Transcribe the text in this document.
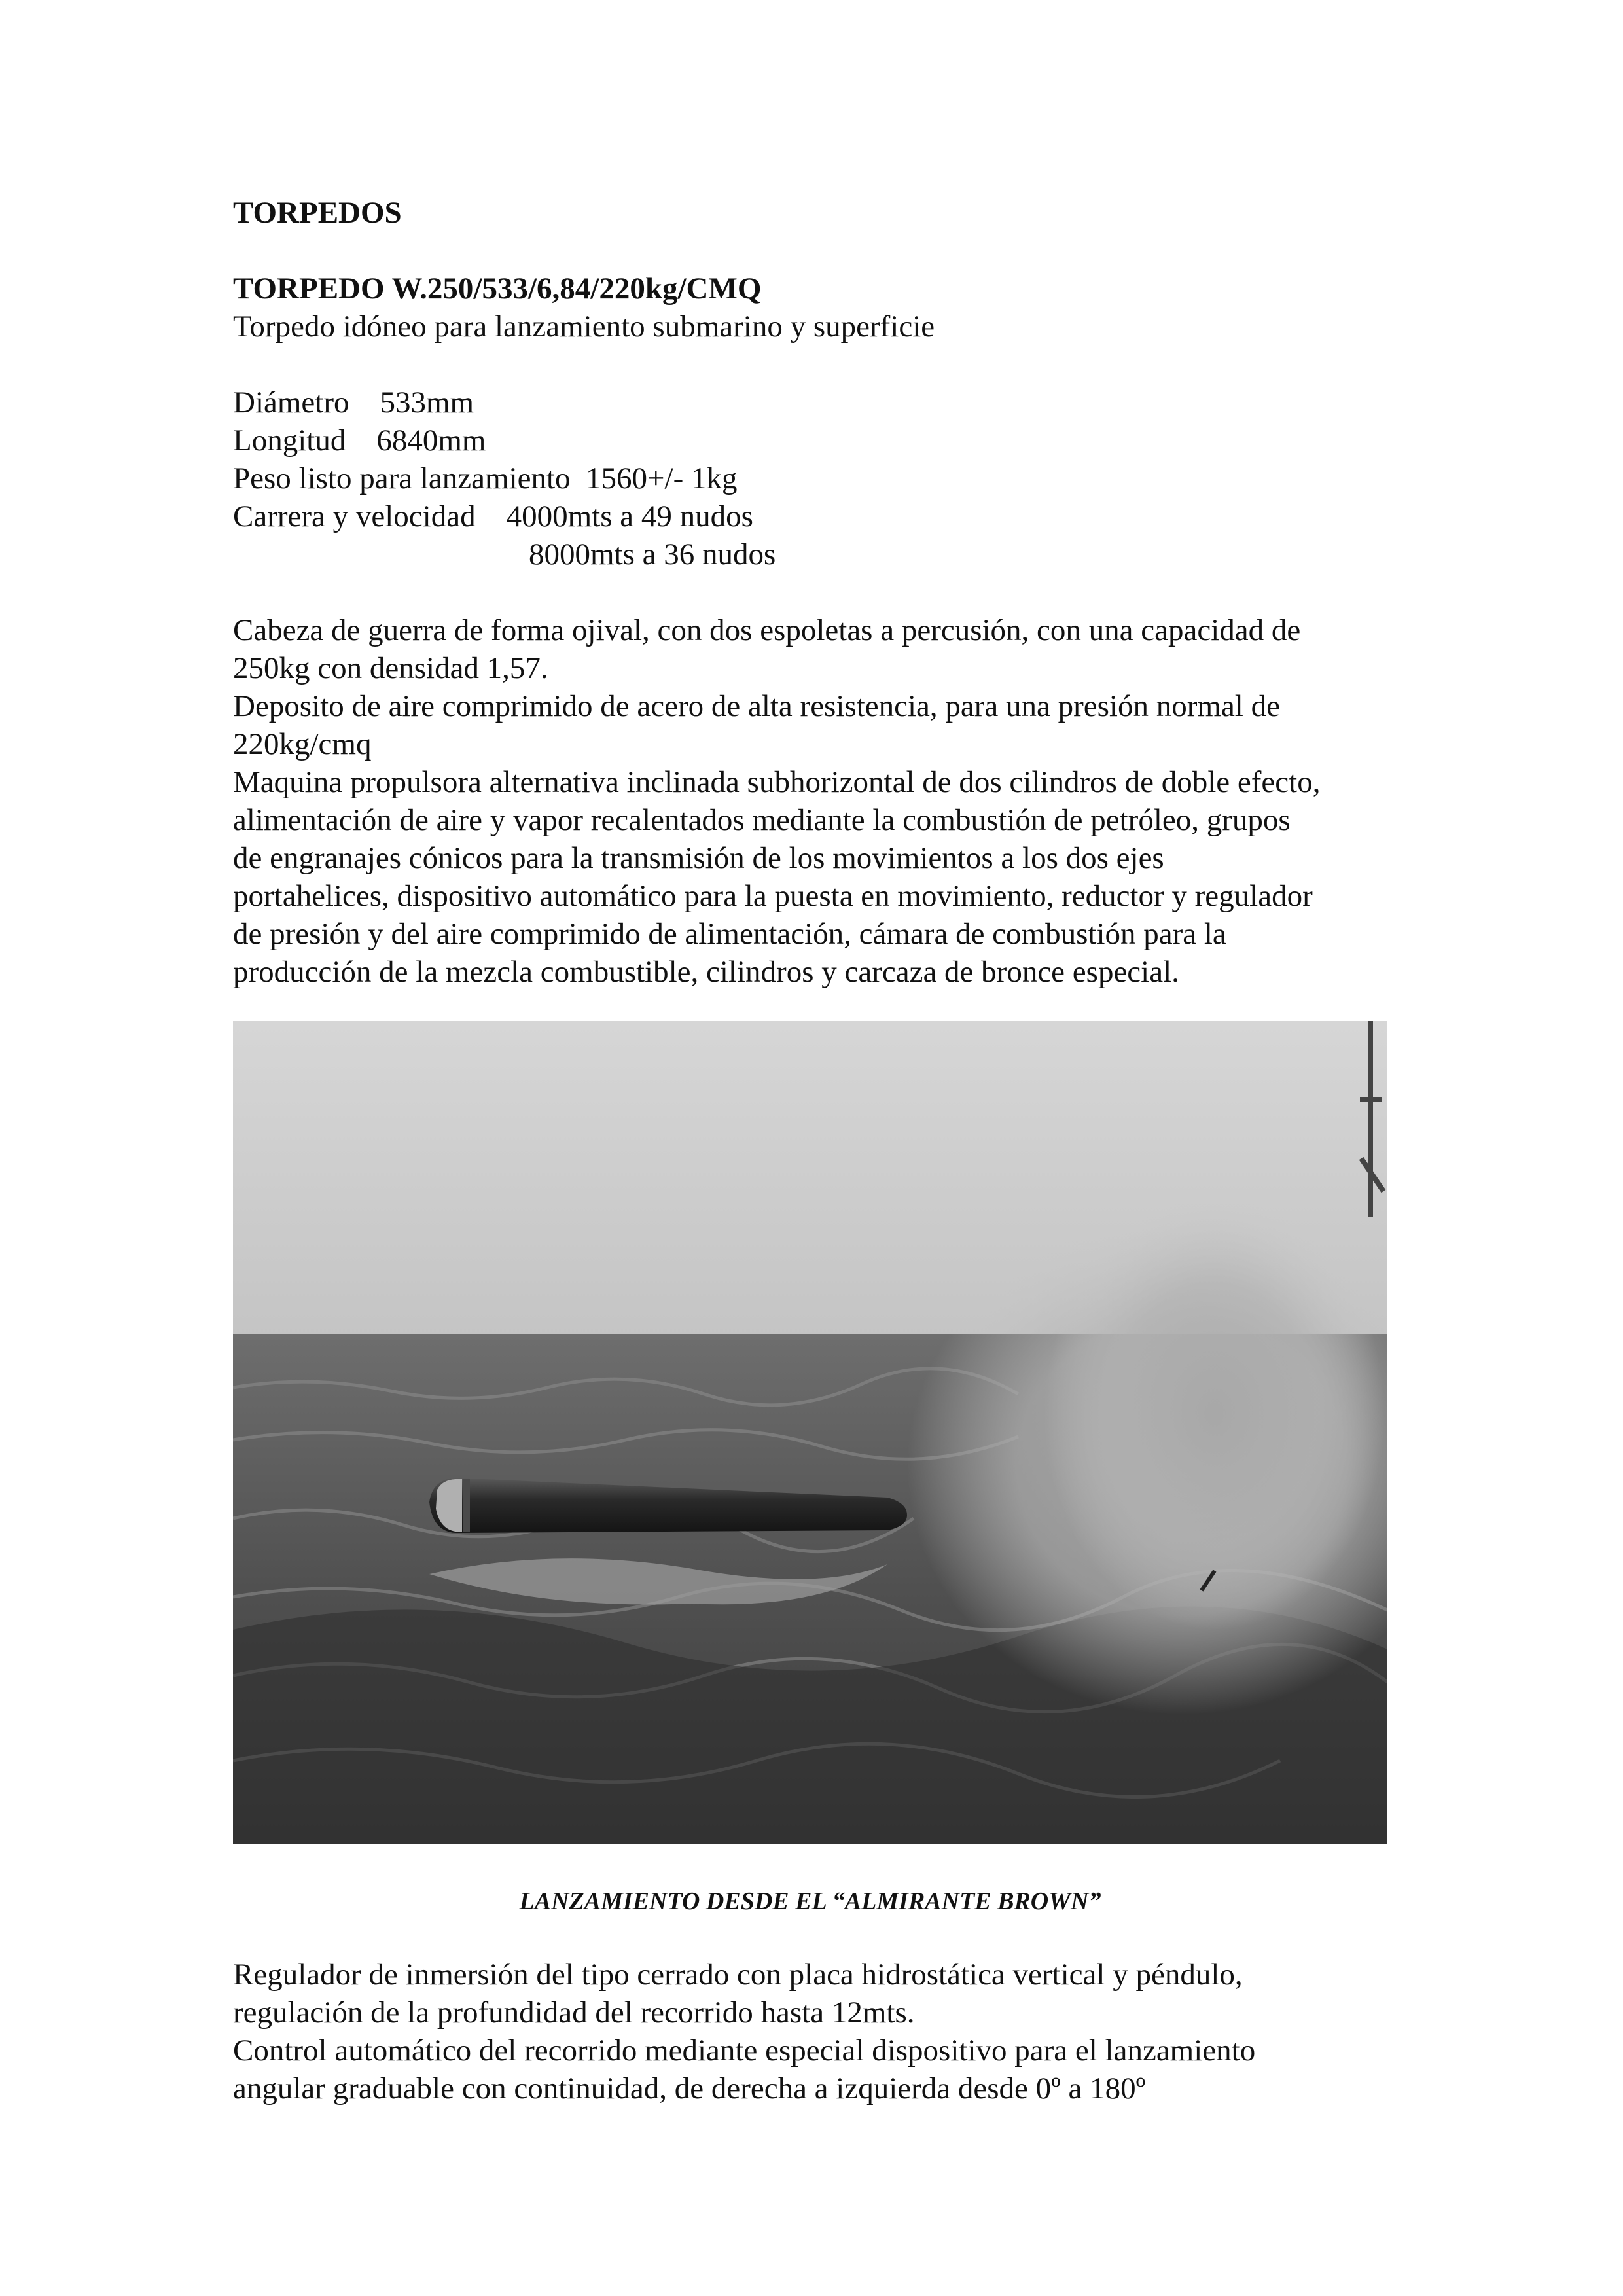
TORPEDOS

TORPEDO W.250/533/6,84/220kg/CMQ

Torpedo idóneo para lanzamiento submarino y superficie

Diámetro    533mm

Longitud    6840mm

Peso listo para lanzamiento  1560+/- 1kg

Carrera y velocidad    4000mts a 49 nudos

8000mts a 36 nudos

Cabeza de guerra de forma ojival, con dos espoletas a percusión, con una capacidad de
250kg con densidad 1,57.
Deposito de aire comprimido de acero de alta resistencia, para una presión normal de
220kg/cmq
Maquina propulsora alternativa inclinada subhorizontal de dos cilindros de doble efecto,
alimentación de aire y vapor recalentados mediante la combustión de petróleo, grupos
de engranajes cónicos para la transmisión de los movimientos a los dos ejes
portahelices, dispositivo automático para la puesta en movimiento, reductor y regulador
de presión y del aire comprimido de alimentación, cámara de combustión para la
producción de la mezcla combustible, cilindros y carcaza de bronce especial.
LANZAMIENTO DESDE EL “ALMIRANTE BROWN”
Regulador de inmersión del tipo cerrado con placa hidrostática vertical y péndulo,
regulación de la profundidad del recorrido hasta 12mts.
Control automático del recorrido mediante especial dispositivo para el lanzamiento
angular graduable con continuidad, de derecha a izquierda desde 0º a 180º
